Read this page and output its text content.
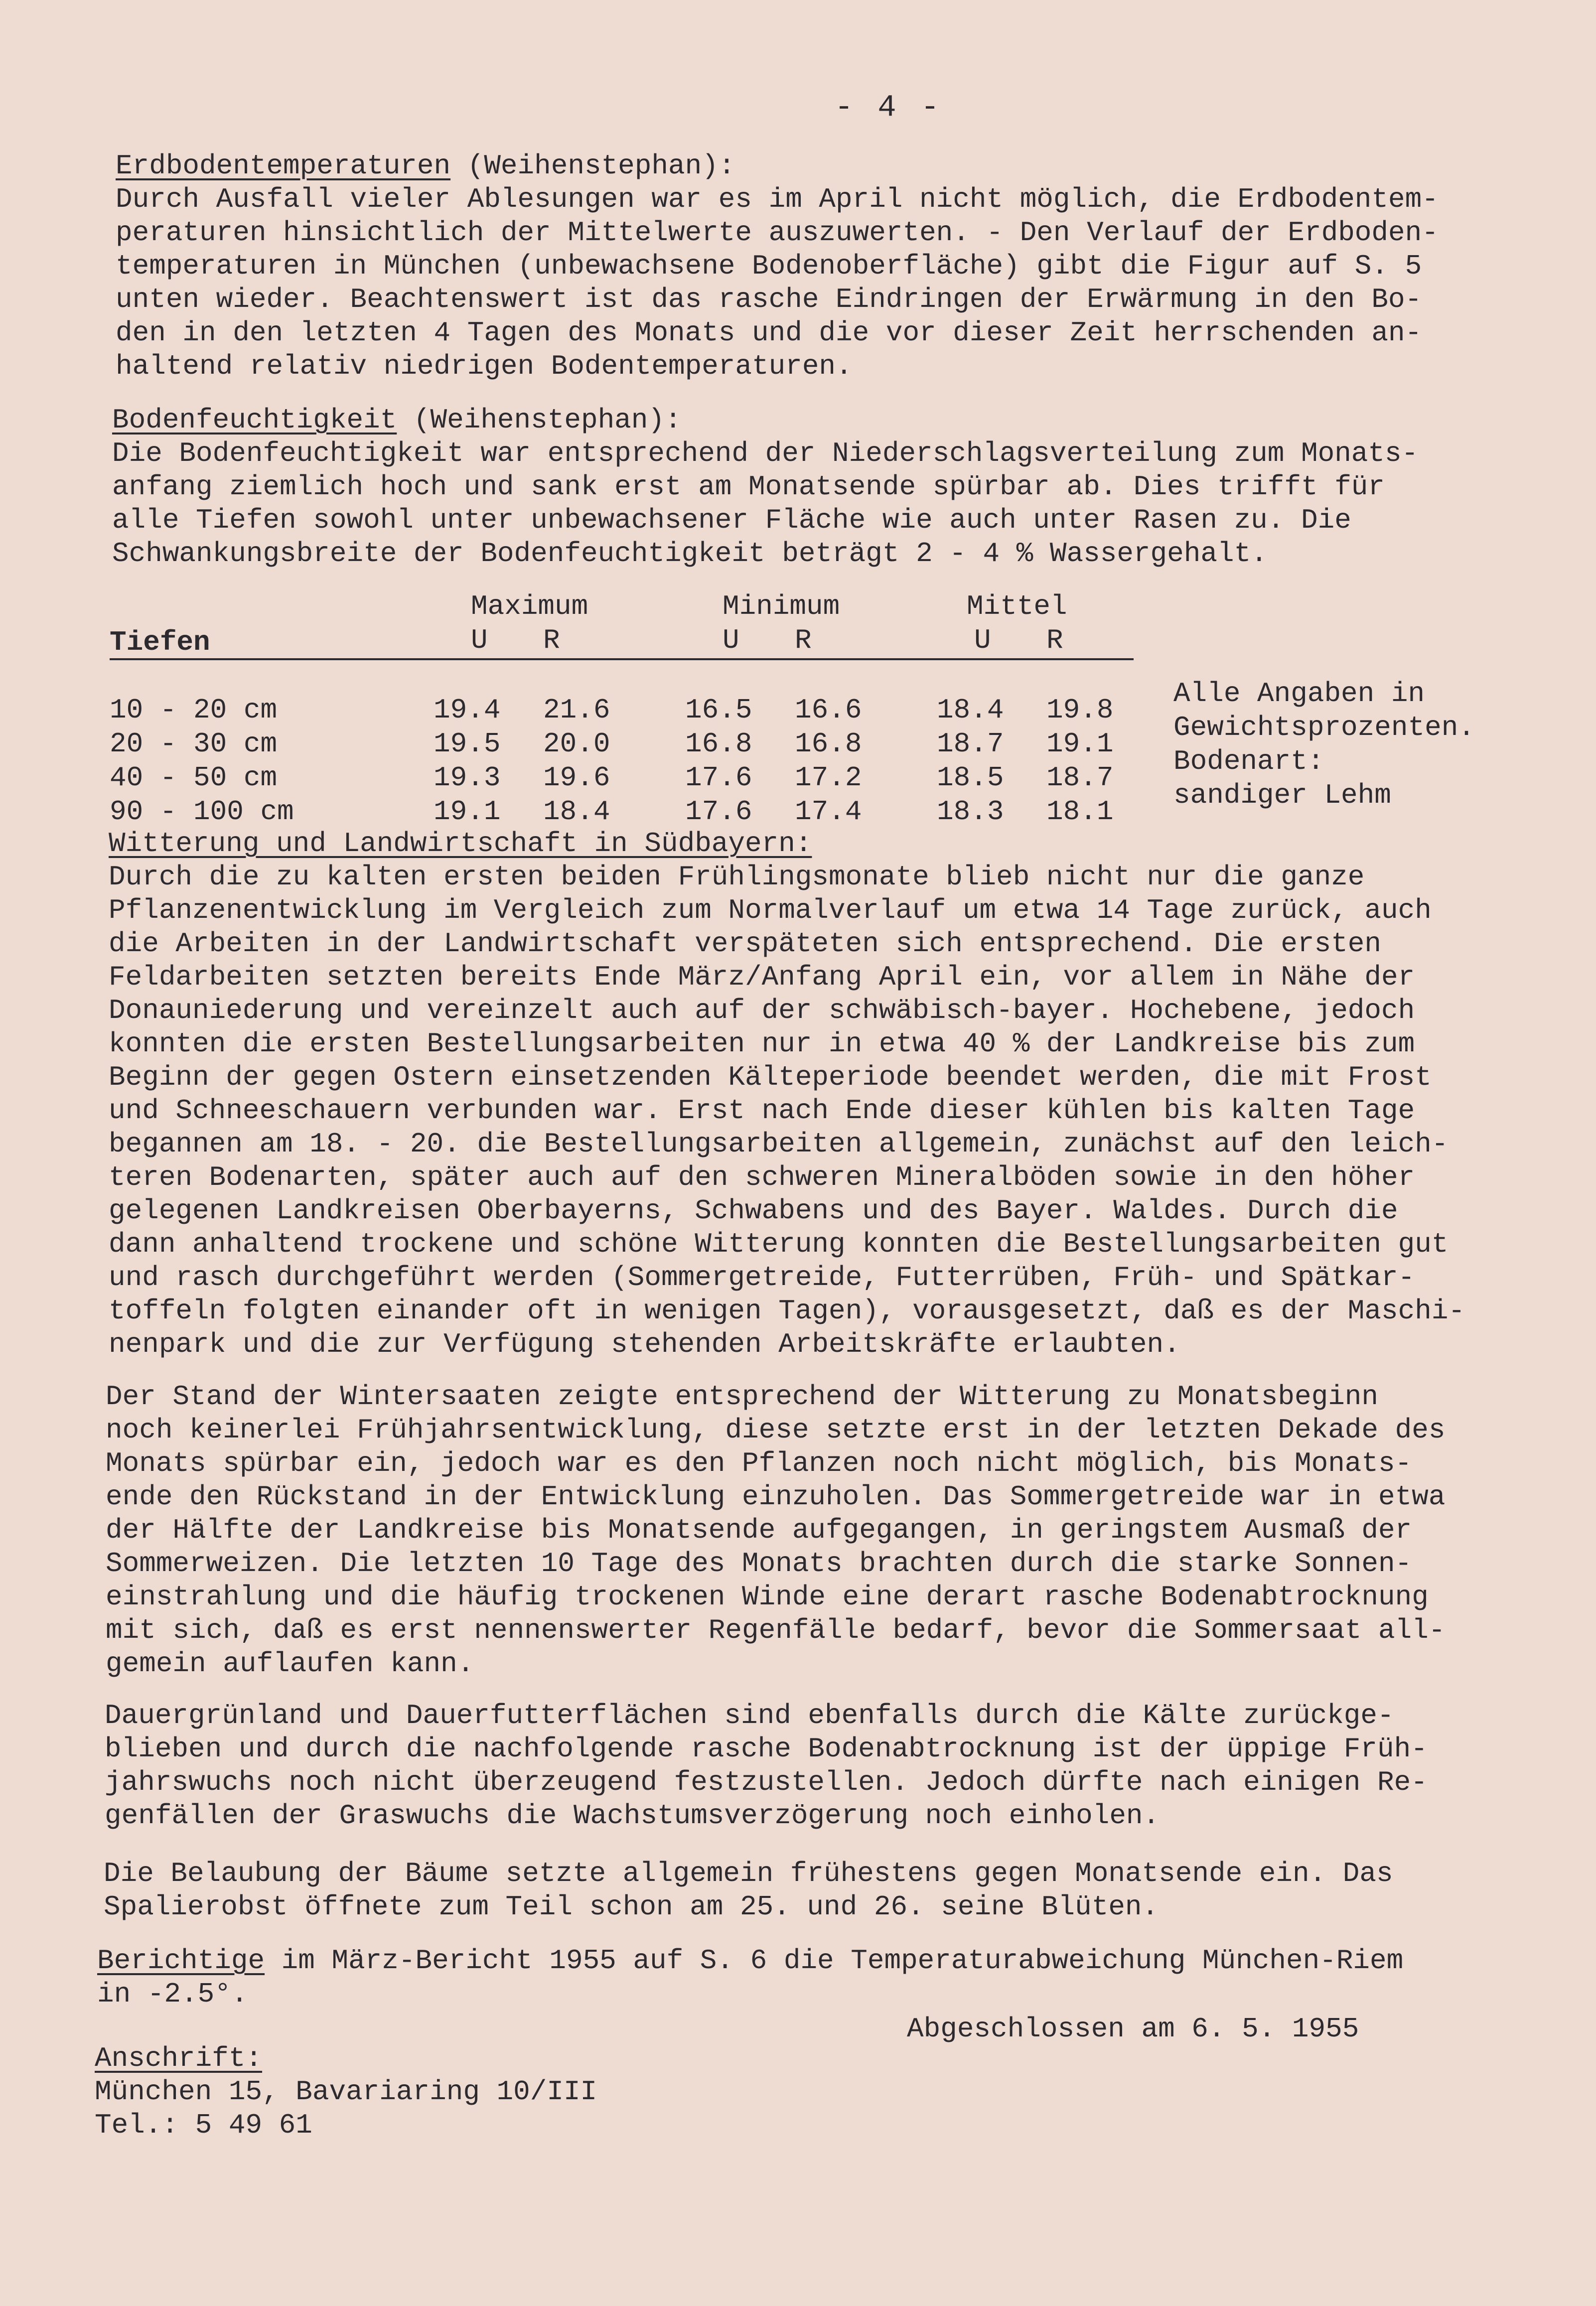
- 4 -
Erdbodentemperaturen (Weihenstephan):
Durch Ausfall vieler Ablesungen war es im April nicht möglich, die Erdbodentem-
peraturen hinsichtlich der Mittelwerte auszuwerten. - Den Verlauf der Erdboden-
temperaturen in München (unbewachsene Bodenoberfläche) gibt die Figur auf S. 5
unten wieder. Beachtenswert ist das rasche Eindringen der Erwärmung in den Bo-
den in den letzten 4 Tagen des Monats und die vor dieser Zeit herrschenden an-
haltend relativ niedrigen Bodentemperaturen.
Bodenfeuchtigkeit (Weihenstephan):
Die Bodenfeuchtigkeit war entsprechend der Niederschlagsverteilung zum Monats-
anfang ziemlich hoch und sank erst am Monatsende spürbar ab. Dies trifft für
alle Tiefen sowohl unter unbewachsener Fläche wie auch unter Rasen zu. Die
Schwankungsbreite der Bodenfeuchtigkeit beträgt 2 - 4 % Wassergehalt.
	Maximum		Minimum		Mittel	
Tiefen	U	R	U	R	U	R

10 - 20 cm	19.4	21.6	16.5	16.6	18.4	19.8
20 - 30 cm	19.5	20.0	16.8	16.8	18.7	19.1
40 - 50 cm	19.3	19.6	17.6	17.2	18.5	18.7
90 - 100 cm	19.1	18.4	17.6	17.4	18.3	18.1
Alle Angaben in
Gewichtsprozenten.
Bodenart:
sandiger Lehm
Witterung und Landwirtschaft in Südbayern:
Durch die zu kalten ersten beiden Frühlingsmonate blieb nicht nur die ganze
Pflanzenentwicklung im Vergleich zum Normalverlauf um etwa 14 Tage zurück, auch
die Arbeiten in der Landwirtschaft verspäteten sich entsprechend. Die ersten
Feldarbeiten setzten bereits Ende März/Anfang April ein, vor allem in Nähe der
Donauniederung und vereinzelt auch auf der schwäbisch-bayer. Hochebene, jedoch
konnten die ersten Bestellungsarbeiten nur in etwa 40 % der Landkreise bis zum
Beginn der gegen Ostern einsetzenden Kälteperiode beendet werden, die mit Frost
und Schneeschauern verbunden war. Erst nach Ende dieser kühlen bis kalten Tage
begannen am 18. - 20. die Bestellungsarbeiten allgemein, zunächst auf den leich-
teren Bodenarten, später auch auf den schweren Mineralböden sowie in den höher
gelegenen Landkreisen Oberbayerns, Schwabens und des Bayer. Waldes. Durch die
dann anhaltend trockene und schöne Witterung konnten die Bestellungsarbeiten gut
und rasch durchgeführt werden (Sommergetreide, Futterrüben, Früh- und Spätkar-
toffeln folgten einander oft in wenigen Tagen), vorausgesetzt, daß es der Maschi-
nenpark und die zur Verfügung stehenden Arbeitskräfte erlaubten.
Der Stand der Wintersaaten zeigte entsprechend der Witterung zu Monatsbeginn
noch keinerlei Frühjahrsentwicklung, diese setzte erst in der letzten Dekade des
Monats spürbar ein, jedoch war es den Pflanzen noch nicht möglich, bis Monats-
ende den Rückstand in der Entwicklung einzuholen. Das Sommergetreide war in etwa
der Hälfte der Landkreise bis Monatsende aufgegangen, in geringstem Ausmaß der
Sommerweizen. Die letzten 10 Tage des Monats brachten durch die starke Sonnen-
einstrahlung und die häufig trockenen Winde eine derart rasche Bodenabtrocknung
mit sich, daß es erst nennenswerter Regenfälle bedarf, bevor die Sommersaat all-
gemein auflaufen kann.
Dauergrünland und Dauerfutterflächen sind ebenfalls durch die Kälte zurückge-
blieben und durch die nachfolgende rasche Bodenabtrocknung ist der üppige Früh-
jahrswuchs noch nicht überzeugend festzustellen. Jedoch dürfte nach einigen Re-
genfällen der Graswuchs die Wachstumsverzögerung noch einholen.
Die Belaubung der Bäume setzte allgemein frühestens gegen Monatsende ein. Das
Spalierobst öffnete zum Teil schon am 25. und 26. seine Blüten.
Berichtige im März-Bericht 1955 auf S. 6 die Temperaturabweichung München-Riem
in -2.5°.
Abgeschlossen am 6. 5. 1955
Anschrift:
München 15, Bavariaring 10/III
Tel.: 5 49 61
